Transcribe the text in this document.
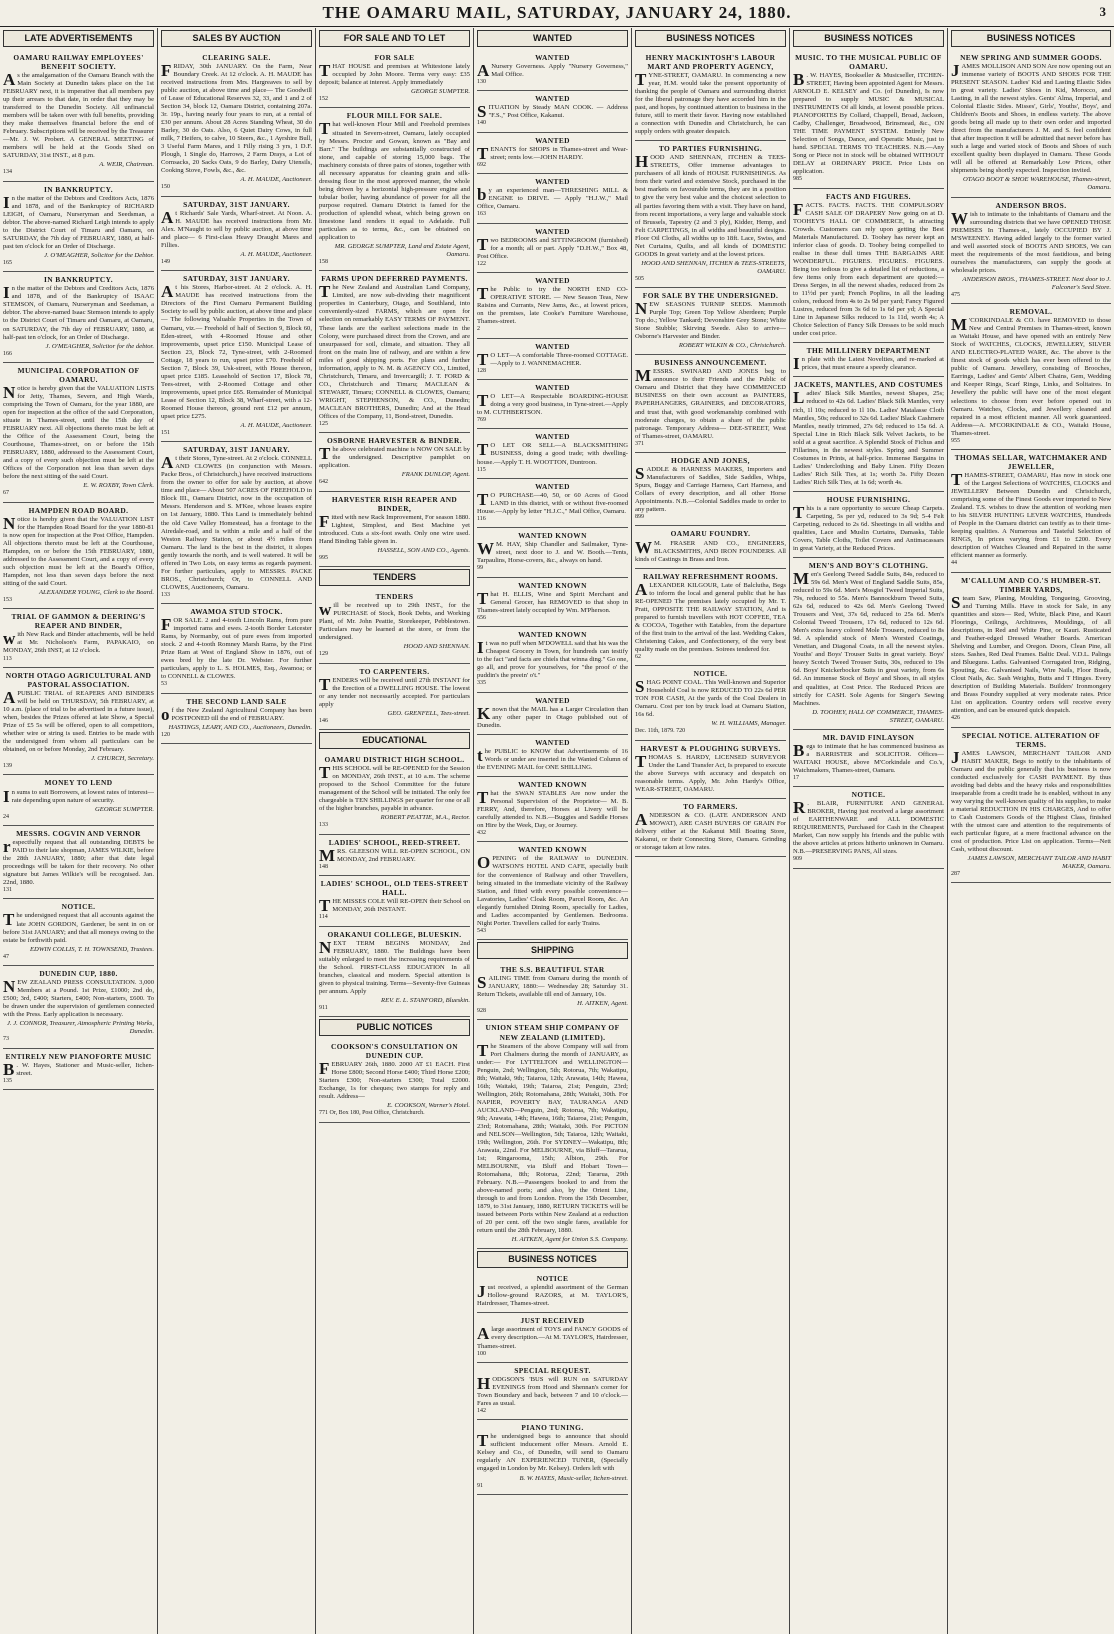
THE OAMARU MAIL, SATURDAY, JANUARY 24, 1880.	3
LATE ADVERTISEMENTS
OAMARU RAILWAY EMPLOYEES' BENEFIT SOCIETY.
As the amalgamation of the Oamaru Branch with the Main Society at Dunedin takes place on the 1st FEBRUARY next, it is imperative that all members pay up their arrears to that date, in order that they may be transferred to the Dunedin Society. All unfinancial members will be taken over with full benefits, providing they make themselves financial before the end of February. Subscriptions will be received by the Treasurer—Mr. J. W. Probert. A GENERAL MEETING of members will be held at the Goods Shed on SATURDAY, 31st INST., at 8 p.m.
A. WEIR, Chairman.
134
IN BANKRUPTCY.
In the matter of the Debtors and Creditors Acts, 1876 and 1878, and of the Bankruptcy of RICHARD LEIGH, of Oamaru, Nurseryman and Seedsman, a debtor. The above-named Richard Leigh intends to apply to the District Court of Timaru and Oamaru, on SATURDAY, the 7th day of FEBRUARY, 1880, at half-past ten o'clock for an Order of Discharge.
J. O'MEAGHER, Solicitor for the Debtor.
165
IN BANKRUPTCY.
In the matter of the Debtors and Creditors Acts, 1876 and 1878, and of the Bankruptcy of ISAAC STEMSON, of Oamaru, Nurseryman and Seedsman, a debtor. The above-named Isaac Stemson intends to apply to the District Court of Timaru and Oamaru, at Oamaru, on SATURDAY, the 7th day of FEBRUARY, 1880, at half-past ten o'clock, for an Order of Discharge.
J. O'MEAGHER, Solicitor for the debtor.
166
MUNICIPAL CORPORATION OF OAMARU.
Notice is hereby given that the VALUATION LISTS for Jetty, Thames, Severn, and High Wards, comprising the Town of Oamaru, for the year 1880, are open for inspection at the office of the said Corporation, situate in Thames-street, until the 15th day of FEBRUARY next. All objections thereto must be left at the Office of the Assessment Court, being the Courthouse, Thames-street, on or before the 15th FEBRUARY, 1880, addressed to the Assessment Court, and a copy of every such objection must be left at the Offices of the Corporation not less than seven days before the next sitting of the said Court.
E. W. ROXBY, Town Clerk.
67
HAMPDEN ROAD BOARD.
Notice is hereby given that the VALUATION LIST for the Hampden Road Board for the year 1880-81 is now open for inspection at the Post Office, Hampden. All objections thereto must be left at the Courthouse, Hampden, on or before the 15th FEBRUARY, 1880, addressed to the Assessment Court, and a copy of every such objection must be left at the Board's Office, Hampden, not less than seven days before the next sitting of the said Court.
ALEXANDER YOUNG, Clerk to the Board.
153
TRIAL OF GAMMON & DEERING'S REAPER AND BINDER,
with New Rack and Binder attachments, will be held at Mr. Nicholson's Farm, PAPAKAIO, on MONDAY, 26th INST, at 12 o'clock.
113
NORTH OTAGO AGRICULTURAL AND PASTORAL ASSOCIATION.
A PUBLIC TRIAL of REAPERS AND BINDERS will be held on THURSDAY, 5th FEBRUARY, at 10 a.m. (place of trial to be advertised in a future issue), when, besides the Prizes offered at late Show, a Special Prize of £5 5s will be offered, open to all competitors, whether wire or string is used. Entries to be made with the undersigned from whom all particulars can be obtained, on or before Monday, 2nd February.
J. CHURCH, Secretary.
139
MONEY TO LEND
In sums to suit Borrowers, at lowest rates of interest—rate depending upon nature of security.
GEORGE SUMPTER.
24
MESSRS. COGVIN AND VERNOR
respectfully request that all outstanding DEBTS be PAID to their late shopman, JAMES WILKIE, before the 28th JANUARY, 1880; after that date legal proceedings will be taken for their recovery. No other signature but James Wilkie's will be recognised. Jan. 22nd, 1880.
131
NOTICE.
The undersigned request that all accounts against the late JOHN GORDON, Gardener, be sent in on or before 31st JANUARY; and that all moneys owing to the estate be forthwith paid.
EDWIN COLLIS, T. H. TOWNSEND, Trustees.
47
DUNEDIN CUP, 1880.
NEW ZEALAND PRESS CONSULTATION. 3,000 Members at a Pound. 1st Prize, £1000; 2nd do, £500; 3rd, £400; Starters, £400; Non-starters, £600. To be drawn under the supervision of gentlemen connected with the Press. Early application is necessary.
J. J. CONNOR, Treasurer, Atmospheric Printing Works, Dunedin.
73
ENTIRELY NEW PIANOFORTE MUSIC
B . W. Hayes, Stationer and Music-seller, Itchen-street.
135
SALES BY AUCTION
CLEARING SALE.
FRIDAY, 30th JANUARY. On the Farm, Near Boundary Creek. At 12 o'clock. A. H. MAUDE has received instructions from Mrs. Hargreaves to sell by public auction, at above time and place— The Goodwill of Lease of Educational Reserves 32, 33, and 1 and 2 of Section 34, block 12, Oamaru District, containing 207a. 3r. 19p., having nearly four years to run, at a rental of £30 per annum. About 28 Acres Standing Wheat, 30 do Barley, 30 do Oats. Also, 6 Quiet Dairy Cows, in full milk, 7 Heifers, to calve, 10 Steers, &c., 1 Ayrshire Bull, 3 Useful Farm Mares, and 1 Filly rising 3 yrs, 1 D.F. Plough, 1 Single do, Harrows, 2 Farm Drays, a Lot of Cornsacks, 20 Sacks Oats, 9 do Barley, Dairy Utensils, Cooking Stove, Fowls, &c., &c.
A. H. MAUDE, Auctioneer.
150
SATURDAY, 31ST JANUARY.
At Richards' Sale Yards, Wharf-street. At Noon. A. H. MAUDE has received instructions from Mr. Alex. M'Naught to sell by public auction, at above time and place— 6 First-class Heavy Draught Mares and Fillies.
A. H. MAUDE, Auctioneer.
149
SATURDAY, 31ST JANUARY.
At his Stores, Harbor-street. At 2 o'clock. A. H. MAUDE has received instructions from the Directors of the First Oamaru Permanent Building Society to sell by public auction, at above time and place— The following Valuable Properties in the Town of Oamaru, viz.— Freehold of half of Section 9, Block 60, Eden-street, with 4-Roomed House and other improvements, upset price £150. Municipal Lease of Section 23, Block 72, Tyne-street, with 2-Roomed Cottage, 18 years to run, upset price £70. Freehold of Section 7, Block 39, Usk-street, with House thereon, upset price £185. Leasehold of Section 17, Block 78, Tees-street, with 2-Roomed Cottage and other improvements, upset price £65. Remainder of Municipal Lease of Section 12, Block 38, Wharf-street, with a 12-Roomed House thereon, ground rent £12 per annum, upset price £275.
A. H. MAUDE, Auctioneer.
151
SATURDAY, 31ST JANUARY.
At their Stores, Tyne-street. At 2 o'clock. CONNELL AND CLOWES (in conjunction with Messrs. Packe Bros., of Christchurch,) have received instructions from the owner to offer for sale by auction, at above time and place— About 507 ACRES OF FREEHOLD in Block III., Oamaru District, now in the occupation of Messrs. Henderson and S. M'Kee, whose leases expire on 1st January, 1880. This Land is immediately behind the old Cave Valley Homestead, has a frontage to the Airedale-road, and is within a mile and a half of the Weston Railway Station, or about 4½ miles from Oamaru. The land is the best in the district, it slopes gently towards the north, and is well watered. It will be offered in Two Lots, on easy terms as regards payment. For further particulars, apply to MESSRS. PACKE BROS., Christchurch; Or, to CONNELL AND CLOWES, Auctioneers, Oamaru.
133
AWAMOA STUD STOCK.
FOR SALE. 2 and 4-tooth Lincoln Rams, from pure imported rams and ewes. 2-tooth Border Leicester Rams, by Normanby, out of pure ewes from imported stock. 2 and 4-tooth Romney Marsh Rams, by the First Prize Ram at West of England Show in 1876, out of ewes bred by the late Dr. Webster. For further particulars, apply to L. S. HOLMES, Esq., Awamoa; or to CONNELL & CLOWES.
53
THE SECOND LAND SALE
of the New Zealand Agricultural Company has been POSTPONED till the end of FEBRUARY.
HASTINGS, LEARY, AND CO., Auctioneers, Dunedin.
120
FOR SALE AND TO LET
FOR SALE
THAT HOUSE and premises at Whitestone lately occupied by John Moore. Terms very easy: £35 deposit; balance at interest. Apply immediately
GEORGE SUMPTER.
152
FLOUR MILL FOR SALE.
That well-known Flour Mill and Freehold premises situated in Severn-street, Oamaru, lately occupied by Messrs. Proctor and Gowan, known as "Bay and Barr." The buildings are substantially constructed of stone, and capable of storing 15,000 bags. The machinery consists of three pairs of stones, together with all necessary apparatus for cleaning grain and silk-dressing flour in the most approved manner, the whole being driven by a horizontal high-pressure engine and tubular boiler, having abundance of power for all the purpose required. Oamaru District is famed for the production of splendid wheat, which being grown on limestone land renders it equal to Adelaide. Full particulars as to terms, &c., can be obtained on application to
MR. GEORGE SUMPTER, Land and Estate Agent, Oamaru.
158
FARMS UPON DEFERRED PAYMENTS.
The New Zealand and Australian Land Company, Limited, are now sub-dividing their magnificent properties in Canterbury, Otago, and Southland, into conveniently-sized FARMS, which are open for selection on remarkably EASY TERMS OF PAYMENT. These lands are the earliest selections made in the Colony, were purchased direct from the Crown, and are unsurpassed for soil, climate, and situation. They all front on the main line of railway, and are within a few miles of good shipping ports. For plans and further information, apply to N. M. & AGENCY CO., Limited, Christchurch, Timaru, and Invercargill; J. T. FORD & CO., Christchurch and Timaru; MACLEAN & STEWART, Timaru; CONNELL & CLOWES, Oamaru; WRIGHT, STEPHENSON, & CO., Dunedin; MACLEAN BROTHERS, Dunedin; And at the Head Offices of the Company, 11, Bond-street, Dunedin.
125
OSBORNE HARVESTER & BINDER.
The above celebrated machine is NOW ON SALE by the undersigned. Descriptive pamphlet on application.
FRANK DUNLOP, Agent.
642
HARVESTER RISH REAPER AND BINDER,
Fitted with new Rack Improvement, For season 1880. Lightest, Simplest, and Best Machine yet introduced. Cuts a six-foot swath. Only one wire used. Hand Binding Table given in.
HASSELL, SON AND CO., Agents.
995
TENDERS
TENDERS
will be received up to 29th INST., for the PURCHASE of Stock, Book Debts, and Working Plant, of Mr. John Peattie, Storekeeper, Pebblestown. Particulars may be learned at the store, or from the undersigned.
HOOD AND SHENNAN.
129
TO CARPENTERS.
TENDERS will be received until 27th INSTANT for the Erection of a DWELLING HOUSE. The lowest or any tender not necessarily accepted. For particulars apply
GEO. GRENFELL, Tees-street.
146
EDUCATIONAL
OAMARU DISTRICT HIGH SCHOOL.
THIS SCHOOL will be RE-OPENED for the Session on MONDAY, 26th INST., at 10 a.m. The scheme proposed to the School Committee for the future management of the School will be initiated. The only fee chargeable is TEN SHILLINGS per quarter for one or all of the higher branches, payable in advance.
ROBERT PEATTIE, M.A., Rector.
133
LADIES' SCHOOL, REED-STREET.
MRS. GLEESON WILL RE-OPEN SCHOOL, ON MONDAY, 2nd FEBRUARY.
148
LADIES' SCHOOL, OLD TEES-STREET HALL.
THE MISSES COLE Will RE-OPEN their School on MONDAY, 26th INSTANT.
114
ORAKANUI COLLEGE, BLUESKIN.
NEXT TERM BEGINS MONDAY, 2nd FEBRUARY, 1880. The Buildings have been suitably enlarged to meet the increasing requirements of the School. FIRST-CLASS EDUCATION In all branches, classical and modern. Special attention is given to physical training. Terms—Seventy-five Guineas per annum. Apply
REV. E. L. STANFORD, Blueskin.
911
PUBLIC NOTICES
COOKSON'S CONSULTATION ON DUNEDIN CUP.
FEBRUARY 26th, 1880. 2000 AT £1 EACH. First Horse £800; Second Horse £400; Third Horse £200; Starters £300; Non-starters £300; Total £2000. Exchange, 1s for cheques; two stamps for reply and result. Address—
E. COOKSON, Warner's Hotel.
771 Or, Box 180, Post Office, Christchurch.
WANTED
WANTED
A Nursery Governess. Apply "Nursery Governess," Mail Office.
130
WANTED
SITUATION by Steady MAN COOK. — Address "F.S.," Post Office, Kakanui.
140
WANTED
TENANTS for SHOPS in Thames-street and Wear-street; rents low.—JOHN HARDY.
692
WANTED
by an experienced man—THRESHING MILL & ENGINE to DRIVE. — Apply "H.J.W.," Mail Office, Oamaru.
163
WANTED
Two BEDROOMS and SITTINGROOM (furnished) for a month; all or part. Apply "D.H.W.," Box 48, Post Office.
122
WANTED
The Public to try the NORTH END CO-OPERATIVE STORE. — New Season Teas, New Raisins and Currants, New Jams, &c., at lowest prices, on the premises, late Cooke's Furniture Warehouse, Thames-street.
2
WANTED
T O LET—A comfortable Three-roomed COTTAGE.—Apply to J. WANNEMACHER.
128
WANTED
T O LET—A Respectable BOARDING-HOUSE doing a very good business, in Tyne-street.—Apply to M. CUTHBERTSON.
769
WANTED
T O LET OR SELL—A BLACKSMITHING BUSINESS, doing a good trade; with dwelling-house.—Apply T. H. WOOTTON, Duntroon.
115
WANTED
T O PURCHASE—40, 50, or 60 Acres of Good LAND in this district, with or without five-roomed House.—Apply by letter "H.J.C.," Mail Office, Oamaru.
116
WANTED KNOWN
W M. HAY, Ship Chandler and Sailmaker, Tyne-street, next door to J. and W. Booth.—Tents, Tarpaulins, Horse-covers, &c., always on hand.
99
WANTED KNOWN
That H. ELLIS, Wine and Spirit Merchant and General Grocer, has REMOVED to that shop in Thames-street lately occupied by Wm. M'Pherson.
656
WANTED KNOWN
It was no puff when M'DOWELL said that his was the Cheapest Grocery in Town, for hundreds can testify to the fact "and facts are chiels that winna ding." Go one, go all, and prove for yourselves, for "the proof o' the puddin's the preein' o't."
335
WANTED
Known that the MAIL has a Larger Circulation than any other paper in Otago published out of Dunedin.
WANTED
the PUBLIC to KNOW that Advertisements of 16 Words or under are inserted in the Wanted Column of the EVENING MAIL for ONE SHILLING.
WANTED KNOWN
That the SWAN STABLES Are now under the Personal Supervision of the Proprietor— M. B. FERRY, And, therefore, Horses at Livery will be carefully attended to. N.B.—Buggies and Saddle Horses on Hire by the Week, Day, or Journey.
432
WANTED KNOWN
OPENING of the RAILWAY to DUNEDIN. WATSON'S HOTEL AND CAFE, specially built for the convenience of Railway and other Travellers, being situated in the immediate vicinity of the Railway Station, and fitted with every possible convenience—Lavatories, Ladies' Cloak Room, Parcel Room, &c. An elegantly furnished Dining Room, specially for Ladies, and Ladies accompanied by Gentlemen. Bedrooms. Night Porter. Travellers called for early Trains.
543
SHIPPING
THE S.S. BEAUTIFUL STAR
SAILING TIME from Oamaru during the month of JANUARY, 1880:— Wednesday 28; Saturday 31. Return Tickets, available till end of January, 10s.
H. AITKEN, Agent.
928
UNION STEAM SHIP COMPANY OF NEW ZEALAND (LIMITED).
The Steamers of the above Company will sail from Port Chalmers during the month of JANUARY, as under:— For LYTTELTON and WELLINGTON—Penguin, 2nd; Wellington, 5th; Rotorua, 7th; Wakatipu, 8th; Waitaki, 9th; Taiaroa, 12th; Arawata, 14th; Hawea, 16th; Waitaki, 19th; Taiaroa, 21st; Penguin, 23rd; Wellington, 26th; Rotomahana, 28th; Waitaki, 30th. For NAPIER, POVERTY BAY, TAURANGA AND AUCKLAND—Penguin, 2nd; Rotorua, 7th; Wakatipu, 9th; Arawata, 14th; Hawea, 16th; Taiaroa, 21st; Penguin, 23rd; Rotomahana, 28th; Waitaki, 30th. For PICTON and NELSON—Wellington, 5th; Taiaroa, 12th; Waitaki, 19th; Wellington, 26th. For SYDNEY—Wakatipu, 8th; Arawata, 22nd. For MELBOURNE, via Bluff—Tararua, 1st; Ringarooma, 15th; Albion, 29th. For MELBOURNE, via Bluff and Hobart Town—Rotomahana, 8th; Rotorua, 22nd; Tararua, 29th February. N.B.—Passengers booked to and from the above-named ports; and also, by the Orient Line, through to and from London. From the 15th December, 1879, to 31st January, 1880, RETURN TICKETS will be issued between Ports within New Zealand at a reduction of 20 per cent. off the two single fares, available for return until the 28th February, 1880.
H. AITKEN, Agent for Union S.S. Company.
BUSINESS NOTICES
NOTICE
Just received, a splendid assortment of the German Hollow-ground RAZORS, at M. TAYLOR'S, Hairdresser, Thames-street.
JUST RECEIVED
A large assortment of TOYS and FANCY GOODS of every description.—At M. TAYLOR'S, Hairdresser, Thames-street.
100
SPECIAL REQUEST.
HODGSON'S 'BUS will RUN on SATURDAY EVENINGS from Hood and Shennan's corner for Town Boundary and back, between 7 and 10 o'clock.—Fares as usual.
142
PIANO TUNING.
The undersigned begs to announce that should sufficient inducement offer Messrs. Arnold E. Kelsey and Co., of Dunedin, will send to Oamaru regularly AN EXPERIENCED TUNER, (Specially engaged in London by Mr. Kelsey). Orders left with
B. W. HAYES, Music-seller, Itchen-street.
91
BUSINESS NOTICES
HENRY MACKINTOSH'S LABOUR MART AND PROPERTY AGENCY,
TYNE-STREET, OAMARU. In commencing a new year, H.M. would take the present opportunity of thanking the people of Oamaru and surrounding district for the liberal patronage they have accorded him in the past, and hopes, by continued attention to business in the future, still to merit their favor. Having now established a connection with Dunedin and Christchurch, he can supply orders with greater despatch.
TO PARTIES FURNISHING.
HOOD AND SHENNAN, ITCHEN & TEES-STREETS, Offer immense advantages to purchasers of all kinds of HOUSE FURNISHINGS. As from their varied and extensive Stock, purchased in the best markets on favourable terms, they are in a position to give the very best value and the choicest selection to all parties favoring them with a visit. They have on hand, from recent importations, a very large and valuable stock of Brussels, Tapestry (2 and 3 ply), Kidder, Hemp, and Felt CARPETINGS, in all widths and beautiful designs. Floor Oil Cloths, all widths up to 18ft. Lace, Swiss, and Net Curtains, Quilts, and all kinds of DOMESTIC GOODS In great variety and at the lowest prices.
HOOD AND SHENNAN, ITCHEN & TEES-STREETS, OAMARU.
505
FOR SALE BY THE UNDERSIGNED.
NEW SEASONS TURNIP SEEDS. Mammoth Purple Top; Green Top Yellow Aberdeen; Purple Top do.; Yellow Tankard; Devonshire Grey Stone; White Stone Stubble; Skirving Swede. Also to arrive— Osborne's Harvester and Binder.
ROBERT WILKIN & CO., Christchurch.
BUSINESS ANNOUNCEMENT.
MESSRS. SWINARD AND JONES beg to announce to their Friends and the Public of Oamaru and District that they have COMMENCED BUSINESS on their own account as PAINTERS, PAPERHANGERS, GRAINERS, and DECORATORS, and trust that, with good workmanship combined with moderate charges, to obtain a share of the public patronage. Temporary Address— DEE-STREET, West of Thames-street, OAMARU.
371
HODGE AND JONES,
SADDLE & HARNESS MAKERS, Importers and Manufacturers of Saddles, Side Saddles, Whips, Spurs, Buggy and Carriage Harness, Cart Harness, and Collars of every description, and all other Horse Appointments. N.B.—Colonial Saddles made to order to any pattern.
899
OAMARU FOUNDRY.
W M. FRASER AND CO., ENGINEERS, BLACKSMITHS, AND IRON FOUNDERS. All kinds of Castings in Brass and Iron.
RAILWAY REFRESHMENT ROOMS.
ALEXANDER KILGOUR, Late of Balclutha, Begs to inform the local and general public that he has RE-OPENED The premises lately occupied by Mr. T. Pratt, OPPOSITE THE RAILWAY STATION, And is prepared to furnish travellers with HOT COFFEE, TEA & COCOA, Together with Eatables, from the departure of the first train to the arrival of the last. Wedding Cakes, Christening Cakes, and Confectionery, of the very best quality made on the premises. Soirees tendered for.
62
NOTICE.
SHAG POINT COAL. This Well-known and Superior Household Coal is now REDUCED TO 22s 6d PER TON FOR CASH, At the yards of the Coal Dealers in Oamaru. Cost per ton by truck load at Oamaru Station, 16s 6d.
W. H. WILLIAMS, Manager.
Dec. 11th, 1879. 720
HARVEST & PLOUGHING SURVEYS.
THOMAS S. HARDY, LICENSED SURVEYOR Under the Land Transfer Act, Is prepared to execute the above Surveys with accuracy and despatch on reasonable terms. Apply, Mr. John Hardy's Office, WEAR-STREET, OAMARU.
TO FARMERS.
ANDERSON & CO. (LATE ANDERSON AND MOWAT), ARE CASH BUYERS OF GRAIN For delivery either at the Kakanui Mill Boating Store, Kakanui, or their Connecting Store, Oamaru. Grinding or storage taken at low rates.
BUSINESS NOTICES
MUSIC. TO THE MUSICAL PUBLIC OF OAMARU.
B . W. HAYES, Bookseller & Musicseller, ITCHEN-STREET, Having been appointed Agent for Messrs. ARNOLD E. KELSEY and Co. (of Dunedin), Is now prepared to supply MUSIC & MUSICAL INSTRUMENTS Of all kinds, at lowest possible prices. PIANOFORTES By Collard, Chappell, Broad, Jackson, Cadby, Challenger, Broadwood, Brinsmead, &c., ON THE TIME PAYMENT SYSTEM. Entirely New Selection of Songs, Dance, and Operatic Music, just to hand. SPECIAL TERMS TO TEACHERS. N.B.—Any Song or Piece not in stock will be obtained WITHOUT DELAY at ORDINARY PRICE. Price Lists on application.
985
FACTS AND FIGURES.
FACTS. FACTS. FACTS. THE COMPULSORY CASH SALE OF DRAPERY Now going on at D. TOOHEY'S HALL OF COMMERCE, Is attracting Crowds. Customers can rely upon getting the Best Materials Manufactured. D. Toohey has never kept an inferior class of goods. D. Toohey being compelled to realise in these dull times THE BARGAINS ARE WONDERFUL. FIGURES. FIGURES. FIGURES. Being too tedious to give a detailed list of reductions, a few items only from each department are quoted:— Dress Serges, in all the newest shades, reduced from 2s to 11½d per yard; French Poplins, in all the leading colors, reduced from 4s to 2s 9d per yard; Fancy Figured Lustres, reduced from 3s 6d to 1s 6d per yd; A Special Line in Japanese Silks reduced to 1s 11d, worth 4s; A Choice Selection of Fancy Silk Dresses to be sold much under cost price.
THE MILLINERY DEPARTMENT
In plate with the Latest Novelties, and re-marked at prices, that must ensure a speedy clearance.
JACKETS, MANTLES, AND COSTUMES
Ladies' Black Silk Mantles, newest Shapes, 25s; reduced to 42s 6d. Ladies' Black Silk Mantles, very rich, 1l 10s; reduced to 1l 10s. Ladies' Matalasse Cloth Mantles, 50s; reduced to 32s 6d. Ladies' Black Cashmere Mantles, neatly trimmed, 27s 6d; reduced to 15s 6d. A Special Line in Rich Black Silk Velvet Jackets, to be sold at a great sacrifice. A Splendid Stock of Fichus and Fillarines, in the newest styles. Spring and Summer Costumes in Prints, at half-price. Immense Bargains in Ladies' Underclothing and Baby Linen. Fifty Dozen Ladies' Rich Silk Ties, at 1s; worth 3s. Fifty Dozen Ladies' Rich Silk Ties, at 1s 6d; worth 4s.
HOUSE FURNISHING.
This is a rare opportunity to secure Cheap Carpets. Carpeting, 5s per yd, reduced to 3s 9d; 5-4 Felt Carpeting, reduced to 2s 6d. Sheetings in all widths and qualities, Lace and Muslin Curtains, Damasks, Table Covers, Table Cloths, Toilet Covers and Antimacassars in great Variety, at the Reduced Prices.
MEN'S AND BOY'S CLOTHING.
Men's Geelong Tweed Saddle Suits, 84s, reduced to 59s 6d. Men's West of England Saddle Suits, 85s, reduced to 59s 6d. Men's Mosgiel Tweed Imperial Suits, 79s, reduced to 55s. Men's Bannockburn Tweed Suits, 62s 6d, reduced to 42s 6d. Men's Geelong Tweed Trousers and Vest, 37s 6d, reduced to 25s 6d. Men's Colonial Tweed Trousers, 17s 6d, reduced to 12s 6d. Men's extra heavy colored Mole Trousers, reduced to 8s 9d. A splendid stock of Men's Worsted Coatings, Venetian, and Diagonal Coats, in all the newest styles. Youths' and Boys' Trouser Suits in great variety. Boys' heavy Scotch Tweed Trouser Suits, 30s, reduced to 19s 6d. Boys' Knickerbocker Suits in great variety, from 6s 6d. An immense Stock of Boys' and Shoes, in all styles and qualities, at Cost Price. The Reduced Prices are strictly for CASH. Sole Agents for Singer's Sewing Machines.
D. TOOHEY, HALL OF COMMERCE, THAMES-STREET, OAMARU.
MR. DAVID FINLAYSON
Begs to intimate that he has commenced business as a BARRISTER and SOLICITOR. Offices—WAITAKI HOUSE, above M'Corkindale and Co.'s, Watchmakers, Thames-street, Oamaru.
17
NOTICE.
R . BLAIR, FURNITURE AND GENERAL BROKER, Having just received a large assortment of EARTHENWARE and ALL DOMESTIC REQUIREMENTS, Purchased for Cash in the Cheapest Market, Can now supply his friends and the public with the above articles at prices hitherto unknown in Oamaru. N.B.—PRESERVING PANS, All sizes.
909
BUSINESS NOTICES
NEW SPRING AND SUMMER GOODS.
JAMES MOLLISON AND SON Are now opening out an immense variety of BOOTS AND SHOES FOR THE PRESENT SEASON. Ladies' Kid and Lasting Elastic Sides in great variety. Ladies' Shoes in Kid, Morocco, and Lasting, in all the newest styles. Gents' Alma, Imperial, and Colonial Elastic Sides. Misses', Girls', Youths', Boys', and Children's Boots and Shoes, in endless variety. The above goods being all made up to their own order and imported direct from the manufacturers J. M. and S. feel confident that after inspection it will be admitted that never before has such a large and varied stock of Boots and Shoes of such excellent quality been displayed in Oamaru. These Goods will all be offered at Remarkably Low Prices, other shipments being shortly expected. Inspection invited.
OTAGO BOOT & SHOE WAREHOUSE, Thames-street, Oamaru.
ANDERSON BROS.
Wish to intimate to the inhabitants of Oamaru and the surrounding districts that we have OPENED THOSE PREMISES In Thames-st., lately OCCUPIED BY J. M'SWEENEY. Having added largely to the former varied and well assorted stock of BOOTS AND SHOES, We can meet the requirements of the most fastidious, and being ourselves the manufacturers, can supply the goods at wholesale prices.
ANDERSON BROS., THAMES-STREET. Next door to J. Falconer's Seed Store.
475
REMOVAL.
M 'CORKINDALE & CO. have REMOVED to those New and Central Premises in Thames-street, known as Waitaki House, and have opened with an entirely New Stock of WATCHES, CLOCKS, JEWELLERY, SILVER AND ELECTRO-PLATED WARE, &c. The above is the finest stock of goods which has ever been offered to the public of Oamaru. Jewellery, consisting of Brooches, Earrings, Ladies' and Gents' Albert Chains, Gem, Wedding and Keeper Rings, Scarf Rings, Links, and Solitaires. In Jewellery the public will have one of the most elegant selections to choose from ever before opened out in Oamaru. Watches, Clocks, and Jewellery cleaned and repaired in a most efficient manner. All work guaranteed. Address—A. M'CORKINDALE & CO., Waitaki House, Thames-street.
955
THOMAS SELLAR, WATCHMAKER AND JEWELLER,
THAMES-STREET, OAMARU, Has now in stock one of the Largest Selections of WATCHES, CLOCKS and JEWELLERY Between Dunedin and Christchurch, comprising some of the Finest Goods ever imported to New Zealand. T.S. wishes to draw the attention of working men to his SILVER HUNTING LEVER WATCHES, Hundreds of People in the Oamaru district can testify as to their time-keeping qualities. A Numerous and Tasteful Selection of RINGS, In prices varying from £1 to £200. Every description of Watches Cleaned and Repaired in the same efficient manner as formerly.
44
M'CALLUM AND CO.'S HUMBER-ST. TIMBER YARDS,
Steam Saw, Planing, Moulding, Tongueing, Grooving, and Turning Mills. Have in stock for Sale, in any quantities and sizes— Red, White, Black Pine, and Kauri Floorings, Ceilings, Architraves, Mouldings, of all descriptions, in Red and White Pine, or Kauri. Rusticated and Feather-edged Dressed Weather Boards. American Shelving and Lumber, and Oregon. Doors, Clean Pine, all sizes. Sashes, Red Deal Frames. Baltic Deal. V.D.L. Palings and Blueguns. Laths. Galvanised Corrugated Iron, Ridging, Spouting, &c. Galvanised Nails, Wire Nails, Floor Brads, Clout Nails, &c. Sash Weights, Butts and T Hinges. Every description of Building Materials. Builders' Ironmongery and Brass Foundry supplied at very moderate rates. Price List on application. Country orders will receive every attention, and can be ensured quick despatch.
426
SPECIAL NOTICE. ALTERATION OF TERMS.
JAMES LAWSON, MERCHANT TAILOR AND HABIT MAKER, Begs to notify to the inhabitants of Oamaru and the public generally that his business is now conducted exclusively for CASH PAYMENT. By thus avoiding bad debts and the heavy risks and responsibilities inseparable from a credit trade he is enabled, without in any way varying the well-known quality of his supplies, to make a material REDUCTION IN HIS CHARGES, And to offer to Cash Customers Goods of the Highest Class, finished with the utmost care and attention to the requirements of each particular figure, at a mere fractional advance on the cost of production. Price List on application. Terms—Nett Cash, without discount.
JAMES LAWSON, MERCHANT TAILOR AND HABIT MAKER, Oamaru.
287
